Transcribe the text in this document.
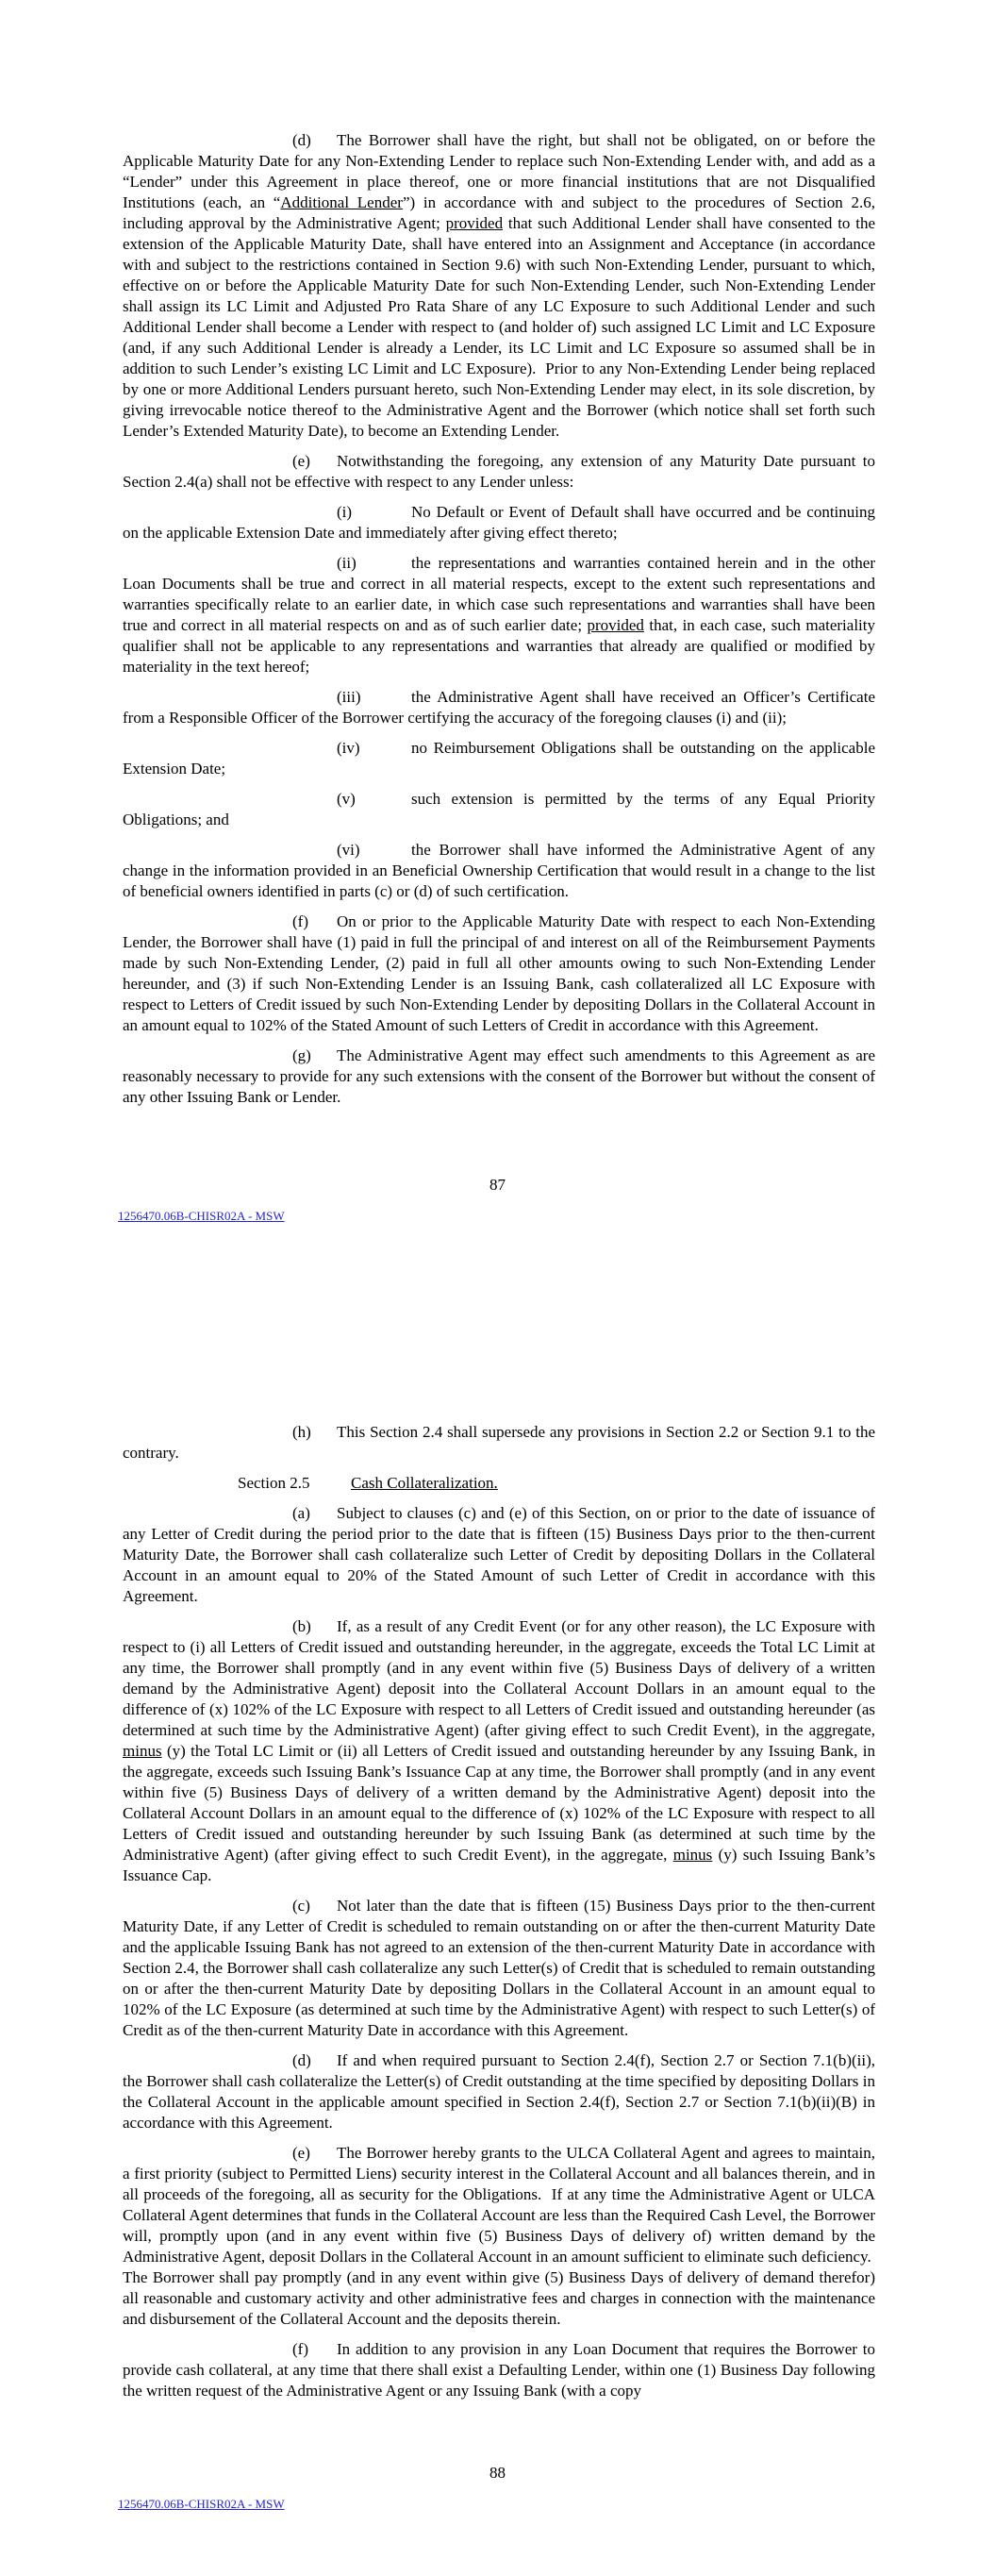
(d) The Borrower shall have the right, but shall not be obligated, on or before the Applicable Maturity Date for any Non-Extending Lender to replace such Non-Extending Lender with, and add as a “Lender” under this Agreement in place thereof, one or more financial institutions that are not Disqualified Institutions (each, an “Additional Lender”) in accordance with and subject to the procedures of Section 2.6, including approval by the Administrative Agent; provided that such Additional Lender shall have consented to the extension of the Applicable Maturity Date, shall have entered into an Assignment and Acceptance (in accordance with and subject to the restrictions contained in Section 9.6) with such Non-Extending Lender, pursuant to which, effective on or before the Applicable Maturity Date for such Non-Extending Lender, such Non-Extending Lender shall assign its LC Limit and Adjusted Pro Rata Share of any LC Exposure to such Additional Lender and such Additional Lender shall become a Lender with respect to (and holder of) such assigned LC Limit and LC Exposure (and, if any such Additional Lender is already a Lender, its LC Limit and LC Exposure so assumed shall be in addition to such Lender’s existing LC Limit and LC Exposure).  Prior to any Non-Extending Lender being replaced by one or more Additional Lenders pursuant hereto, such Non-Extending Lender may elect, in its sole discretion, by giving irrevocable notice thereof to the Administrative Agent and the Borrower (which notice shall set forth such Lender’s Extended Maturity Date), to become an Extending Lender.

(e) Notwithstanding the foregoing, any extension of any Maturity Date pursuant to Section 2.4(a) shall not be effective with respect to any Lender unless:

(i)	No Default or Event of Default shall have occurred and be continuing on the applicable Extension Date and immediately after giving effect thereto;

(ii)	the representations and warranties contained herein and in the other Loan Documents shall be true and correct in all material respects, except to the extent such representations and warranties specifically relate to an earlier date, in which case such representations and warranties shall have been true and correct in all material respects on and as of such earlier date; provided that, in each case, such materiality qualifier shall not be applicable to any representations and warranties that already are qualified or modified by materiality in the text hereof;

(iii)	the Administrative Agent shall have received an Officer’s Certificate from a Responsible Officer of the Borrower certifying the accuracy of the foregoing clauses (i) and (ii);

(iv)	no Reimbursement Obligations shall be outstanding on the applicable Extension Date;

(v)	such extension is permitted by the terms of any Equal Priority Obligations; and

(vi)	the Borrower shall have informed the Administrative Agent of any change in the information provided in an Beneficial Ownership Certification that would result in a change to the list of beneficial owners identified in parts (c) or (d) of such certification.

(f) On or prior to the Applicable Maturity Date with respect to each Non-Extending Lender, the Borrower shall have (1) paid in full the principal of and interest on all of the Reimbursement Payments made by such Non-Extending Lender, (2) paid in full all other amounts owing to such Non-Extending Lender hereunder, and (3) if such Non-Extending Lender is an Issuing Bank, cash collateralized all LC Exposure with respect to Letters of Credit issued by such Non-Extending Lender by depositing Dollars in the Collateral Account in an amount equal to 102% of the Stated Amount of such Letters of Credit in accordance with this Agreement.

(g) The Administrative Agent may effect such amendments to this Agreement as are reasonably necessary to provide for any such extensions with the consent of the Borrower but without the consent of any other Issuing Bank or Lender.

87
1256470.06B-CHISR02A - MSW

(h) This Section 2.4 shall supersede any provisions in Section 2.2 or Section 9.1 to the contrary.

Section 2.5	Cash Collateralization.

(a) Subject to clauses (c) and (e) of this Section, on or prior to the date of issuance of any Letter of Credit during the period prior to the date that is fifteen (15) Business Days prior to the then-current Maturity Date, the Borrower shall cash collateralize such Letter of Credit by depositing Dollars in the Collateral Account in an amount equal to 20% of the Stated Amount of such Letter of Credit in accordance with this Agreement.

(b) If, as a result of any Credit Event (or for any other reason), the LC Exposure with respect to (i) all Letters of Credit issued and outstanding hereunder, in the aggregate, exceeds the Total LC Limit at any time, the Borrower shall promptly (and in any event within five (5) Business Days of delivery of a written demand by the Administrative Agent) deposit into the Collateral Account Dollars in an amount equal to the difference of (x) 102% of the LC Exposure with respect to all Letters of Credit issued and outstanding hereunder (as determined at such time by the Administrative Agent) (after giving effect to such Credit Event), in the aggregate, minus (y) the Total LC Limit or (ii) all Letters of Credit issued and outstanding hereunder by any Issuing Bank, in the aggregate, exceeds such Issuing Bank’s Issuance Cap at any time, the Borrower shall promptly (and in any event within five (5) Business Days of delivery of a written demand by the Administrative Agent) deposit into the Collateral Account Dollars in an amount equal to the difference of (x) 102% of the LC Exposure with respect to all Letters of Credit issued and outstanding hereunder by such Issuing Bank (as determined at such time by the Administrative Agent) (after giving effect to such Credit Event), in the aggregate, minus (y) such Issuing Bank’s Issuance Cap.

(c) Not later than the date that is fifteen (15) Business Days prior to the then-current Maturity Date, if any Letter of Credit is scheduled to remain outstanding on or after the then-current Maturity Date and the applicable Issuing Bank has not agreed to an extension of the then-current Maturity Date in accordance with Section 2.4, the Borrower shall cash collateralize any such Letter(s) of Credit that is scheduled to remain outstanding on or after the then-current Maturity Date by depositing Dollars in the Collateral Account in an amount equal to 102% of the LC Exposure (as determined at such time by the Administrative Agent) with respect to such Letter(s) of Credit as of the then-current Maturity Date in accordance with this Agreement.

(d) If and when required pursuant to Section 2.4(f), Section 2.7 or Section 7.1(b)(ii), the Borrower shall cash collateralize the Letter(s) of Credit outstanding at the time specified by depositing Dollars in the Collateral Account in the applicable amount specified in Section 2.4(f), Section 2.7 or Section 7.1(b)(ii)(B) in accordance with this Agreement.

(e) The Borrower hereby grants to the ULCA Collateral Agent and agrees to maintain, a first priority (subject to Permitted Liens) security interest in the Collateral Account and all balances therein, and in all proceeds of the foregoing, all as security for the Obligations.  If at any time the Administrative Agent or ULCA Collateral Agent determines that funds in the Collateral Account are less than the Required Cash Level, the Borrower will, promptly upon (and in any event within five (5) Business Days of delivery of) written demand by the Administrative Agent, deposit Dollars in the Collateral Account in an amount sufficient to eliminate such deficiency.  The Borrower shall pay promptly (and in any event within give (5) Business Days of delivery of demand therefor) all reasonable and customary activity and other administrative fees and charges in connection with the maintenance and disbursement of the Collateral Account and the deposits therein.

(f) In addition to any provision in any Loan Document that requires the Borrower to provide cash collateral, at any time that there shall exist a Defaulting Lender, within one (1) Business Day following the written request of the Administrative Agent or any Issuing Bank (with a copy

88
1256470.06B-CHISR02A - MSW
